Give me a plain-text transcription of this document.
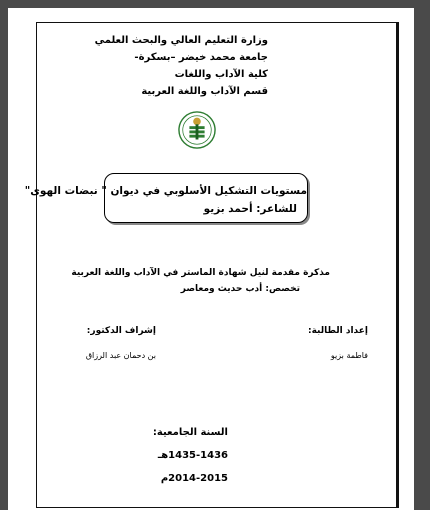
وزارة التعليم العالي والبحث العلمي
جامعة محمد خيضر –بسكرة-
كلية الآداب واللغات
قسم الآداب واللغة العربية
مستويات التشكيل الأسلوبي في ديوان " نبضات الهوى"
للشاعر: أحمد بزيو
مذكرة مقدمة لنيل شهادة الماستر في الآداب واللغة العربية
تخصص: أدب حديث ومعاصر
إعداد الطالبة:
فاطمة بزيو
إشراف الدكتور:
بن دحمان عبد الرزاق
السنة الجامعية:
1435-1436هـ
2014-2015م
